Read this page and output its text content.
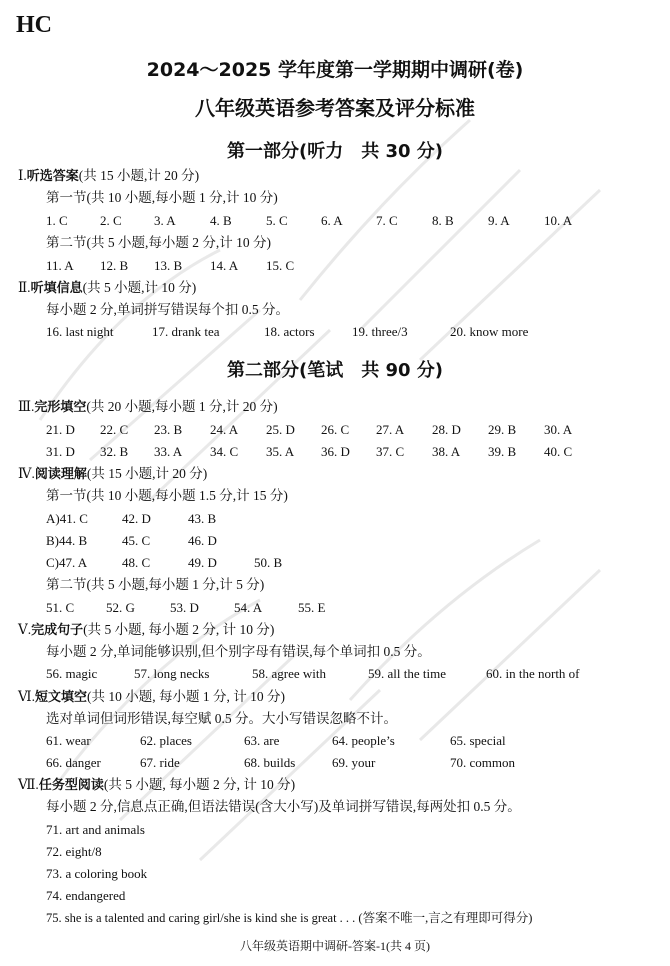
HC
2024～2025 学年度第一学期期中调研(卷)
八年级英语参考答案及评分标准
第一部分(听力　共 30 分)
Ⅰ.听选答案(共 15 小题,计 20 分)
第一节(共 10 小题,每小题 1 分,计 10 分)
1. C 2. C 3. A	4. B	5. C	6. A	7. C	8. B	9. A	10. A
第二节(共 5 小题,每小题 2 分,计 10 分)
11. A 12. B 13. B 14. A 15. C
Ⅱ.听填信息(共 5 小题,计 10 分)
每小题 2 分,单词拼写错误每个扣 0.5 分。
16. last night	17. drank tea	18. actors	19. three/3	20. know more
第二部分(笔试　共 90 分)
Ⅲ.完形填空(共 20 小题,每小题 1 分,计 20 分)
21. D 22. C 23. B 24. A 25. D 26. C 27. A 28. D 29. B 30. A
31. D 32. B 33. A 34. C 35. A 36. D 37. C 38. A 39. B 40. C
Ⅳ.阅读理解(共 15 小题,计 20 分)
第一节(共 10 小题,每小题 1.5 分,计 15 分)
A)41. C	42. D	43. B
B)44. B	45. C	46. D
C)47. A	48. C	49. D	50. B
第二节(共 5 小题,每小题 1 分,计 5 分)
51. C 52. G	53. D	54. A	55. E
Ⅴ.完成句子(共 5 小题, 每小题 2 分, 计 10 分)
每小题 2 分,单词能够识别,但个别字母有错误,每个单词扣 0.5 分。
56. magic	57. long necks	58. agree with	59. all the time	60. in the north of
Ⅵ.短文填空(共 10 小题, 每小题 1 分, 计 10 分)
选对单词但词形错误,每空赋 0.5 分。大小写错误忽略不计。
61. wear	62. places	63. are	64. people’s	65. special
66. danger	67. ride	68. builds	69. your	70. common
Ⅶ.任务型阅读(共 5 小题, 每小题 2 分, 计 10 分)
每小题 2 分,信息点正确,但语法错误(含大小写)及单词拼写错误,每两处扣 0.5 分。
71. art and animals
72. eight/8
73. a coloring book
74. endangered
75. she is a talented and caring girl/she is kind she is great . . . (答案不唯一,言之有理即可得分)
八年级英语期中调研-答案-1(共 4 页)
